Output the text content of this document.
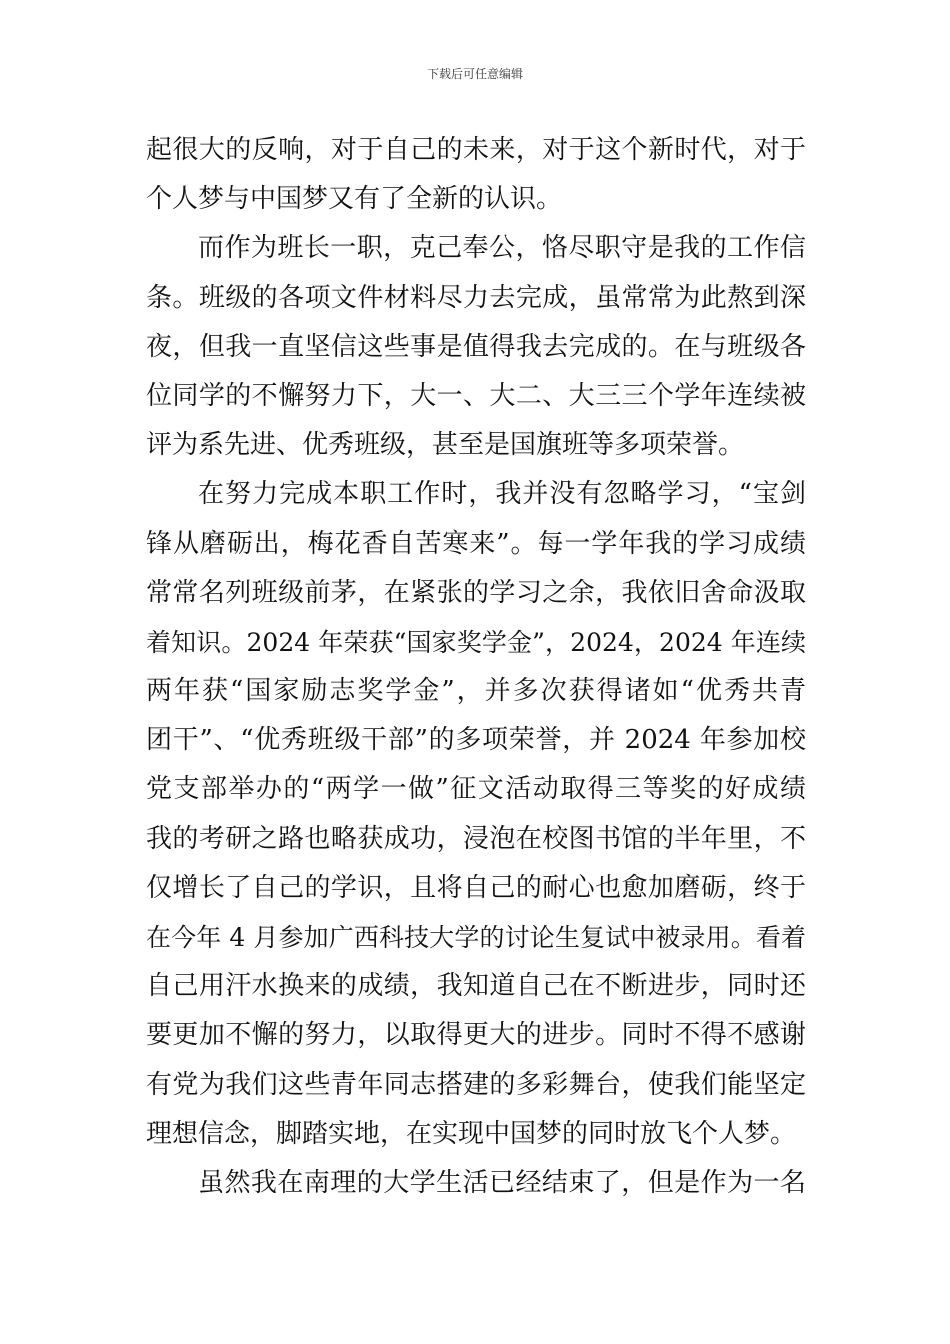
下载后可任意编辑
起很大的反响，对于自己的未来，对于这个新时代，对于
个人梦与中国梦又有了全新的认识。
而作为班长一职，克己奉公，恪尽职守是我的工作信
条。班级的各项文件材料尽力去完成，虽常常为此熬到深
夜，但我一直坚信这些事是值得我去完成的。在与班级各
位同学的不懈努力下，大一、大二、大三三个学年连续被
评为系先进、优秀班级，甚至是国旗班等多项荣誉。
在努力完成本职工作时，我并没有忽略学习，“宝剑
锋从磨砺出，梅花香自苦寒来”。每一学年我的学习成绩
常常名列班级前茅，在紧张的学习之余，我依旧舍命汲取
着知识。2024 年荣获“国家奖学金”，2024，2024 年连续
两年获“国家励志奖学金”，并多次获得诸如“优秀共青
团干”、“优秀班级干部”的多项荣誉，并 2024 年参加校
党支部举办的“两学一做”征文活动取得三等奖的好成绩
我的考研之路也略获成功，浸泡在校图书馆的半年里，不
仅增长了自己的学识，且将自己的耐心也愈加磨砺，终于
在今年 4 月参加广西科技大学的讨论生复试中被录用。看着
自己用汗水换来的成绩，我知道自己在不断进步，同时还
要更加不懈的努力，以取得更大的进步。同时不得不感谢
有党为我们这些青年同志搭建的多彩舞台，使我们能坚定
理想信念，脚踏实地，在实现中国梦的同时放飞个人梦。
虽然我在南理的大学生活已经结束了，但是作为一名
